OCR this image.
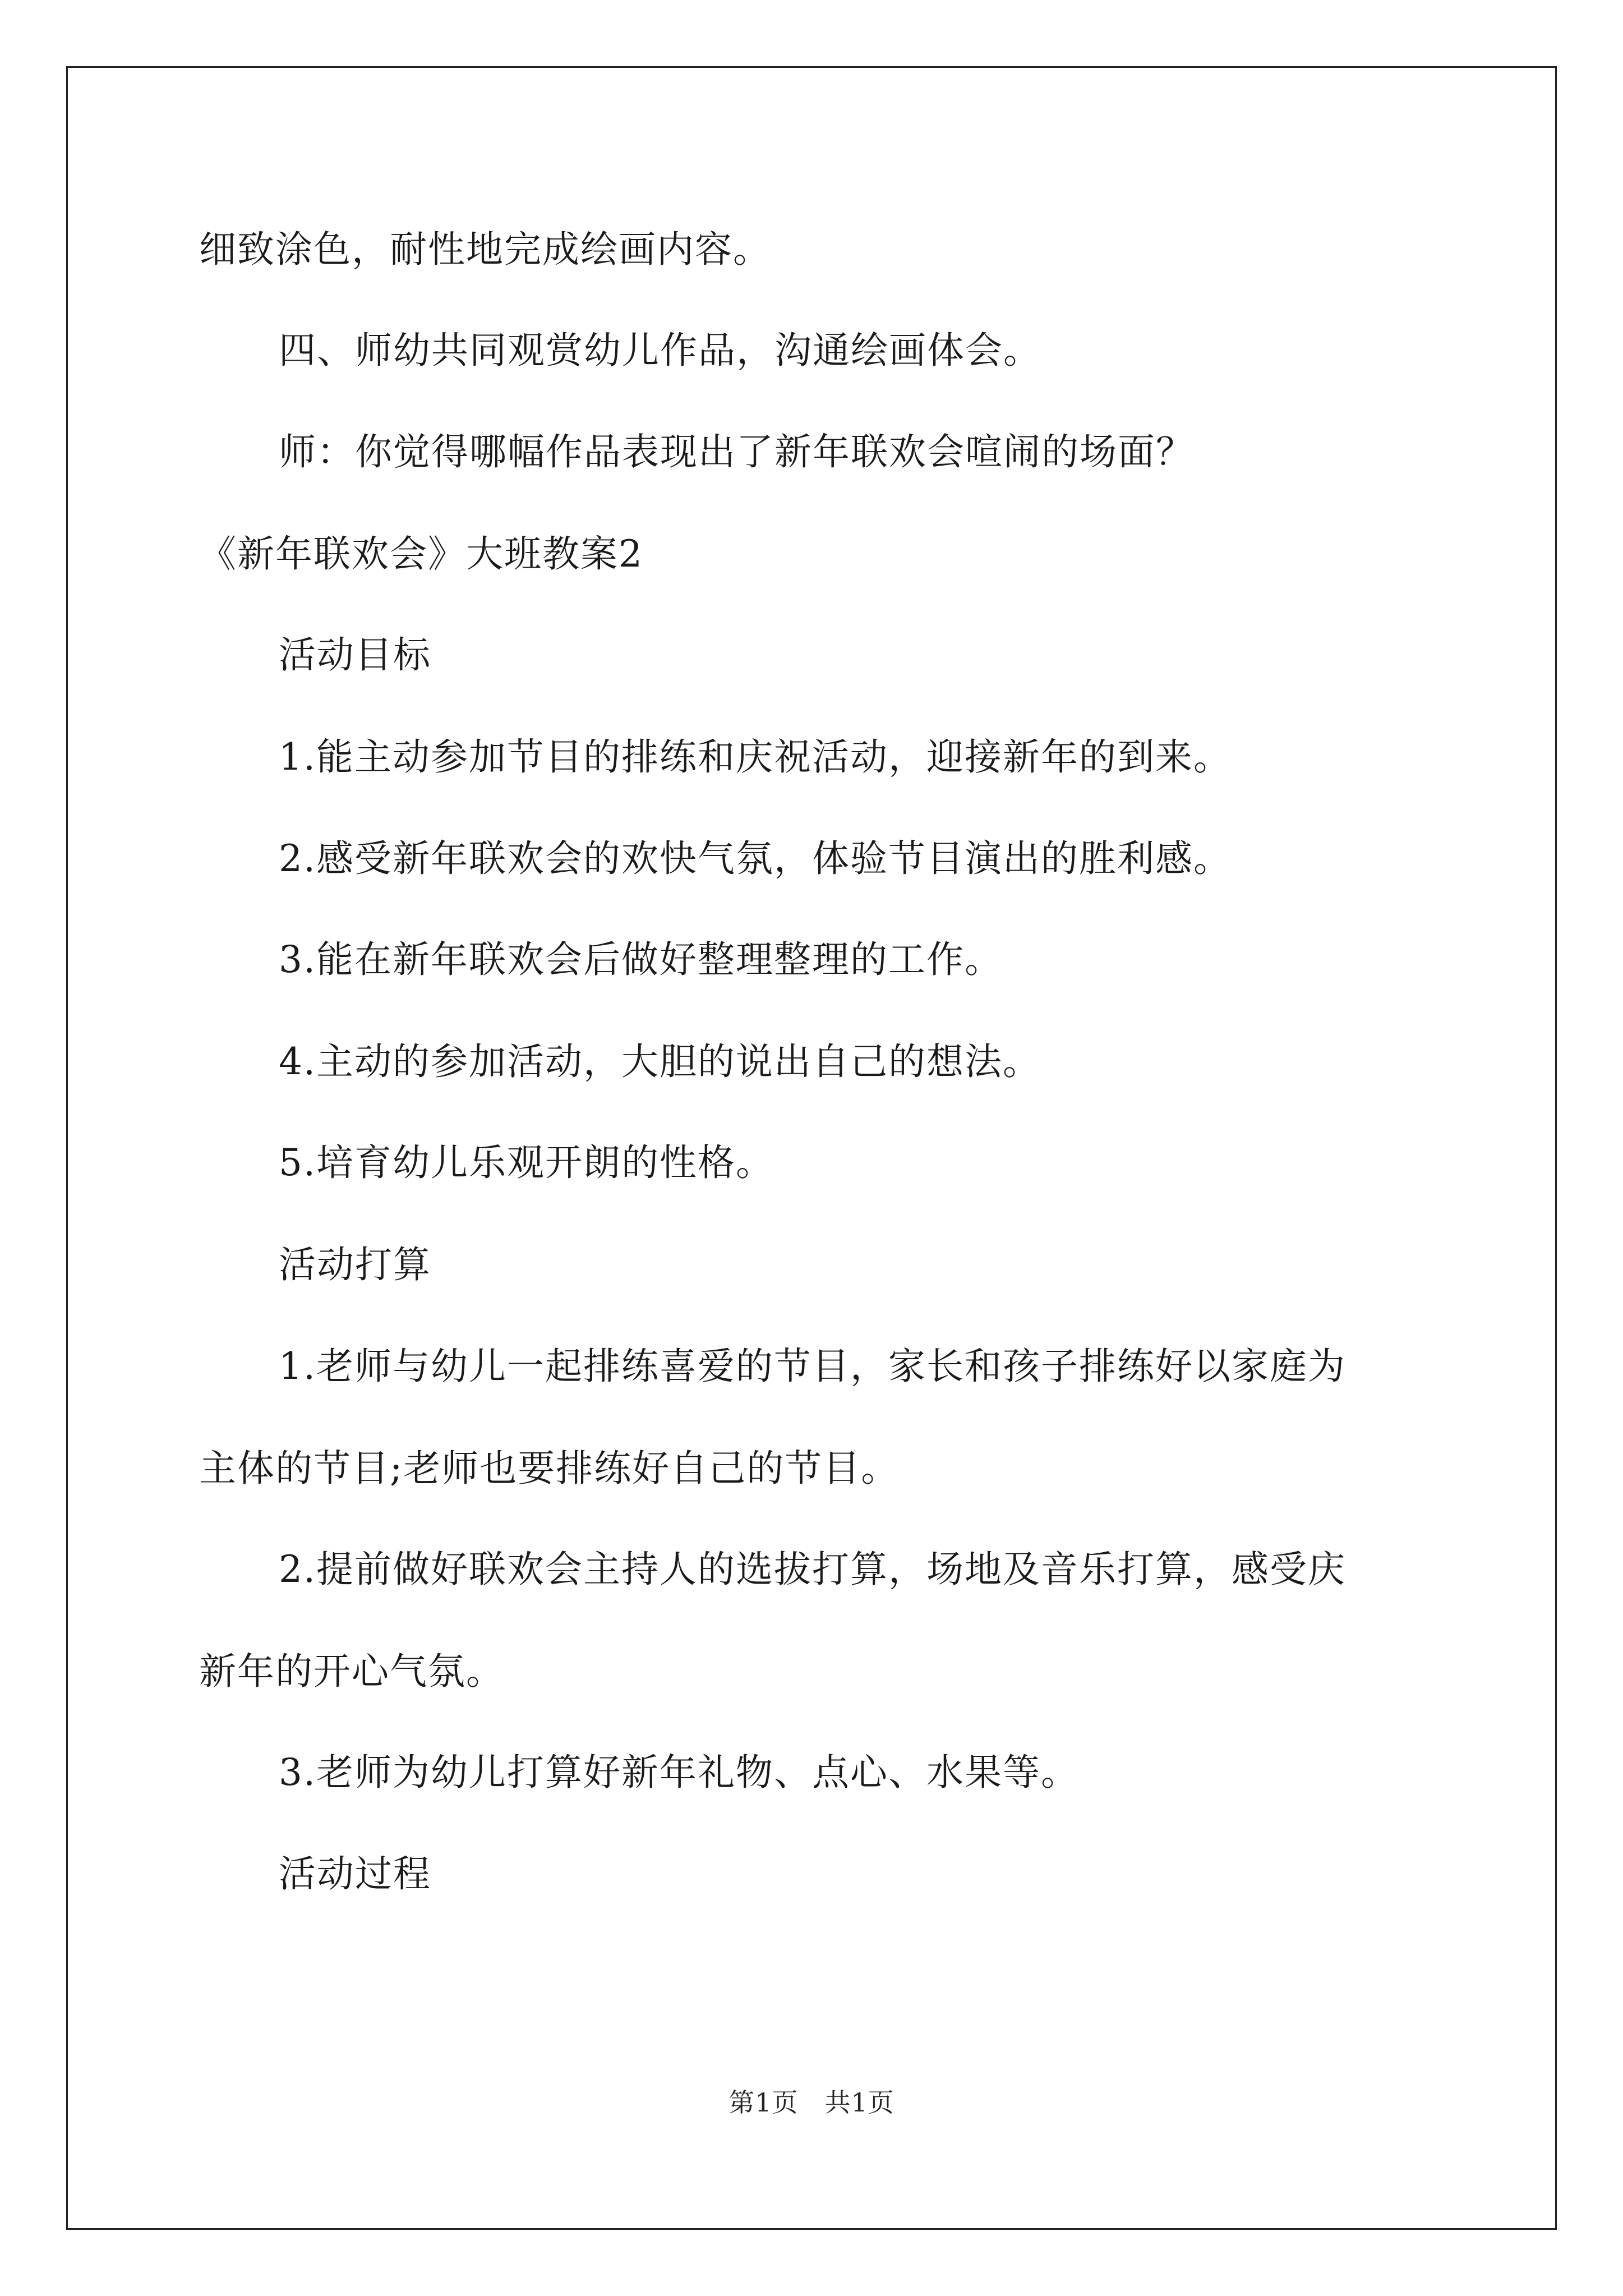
细致涂色，耐性地完成绘画内容。
四、师幼共同观赏幼儿作品，沟通绘画体会。
师：你觉得哪幅作品表现出了新年联欢会喧闹的场面？
《新年联欢会》大班教案2
活动目标
1.能主动参加节目的排练和庆祝活动，迎接新年的到来。
2.感受新年联欢会的欢快气氛，体验节目演出的胜利感。
3.能在新年联欢会后做好整理整理的工作。
4.主动的参加活动，大胆的说出自己的想法。
5.培育幼儿乐观开朗的性格。
活动打算
1.老师与幼儿一起排练喜爱的节目，家长和孩子排练好以家庭为
主体的节目;老师也要排练好自己的节目。
2.提前做好联欢会主持人的选拔打算，场地及音乐打算，感受庆
新年的开心气氛。
3.老师为幼儿打算好新年礼物、点心、水果等。
活动过程
第1页　共1页
